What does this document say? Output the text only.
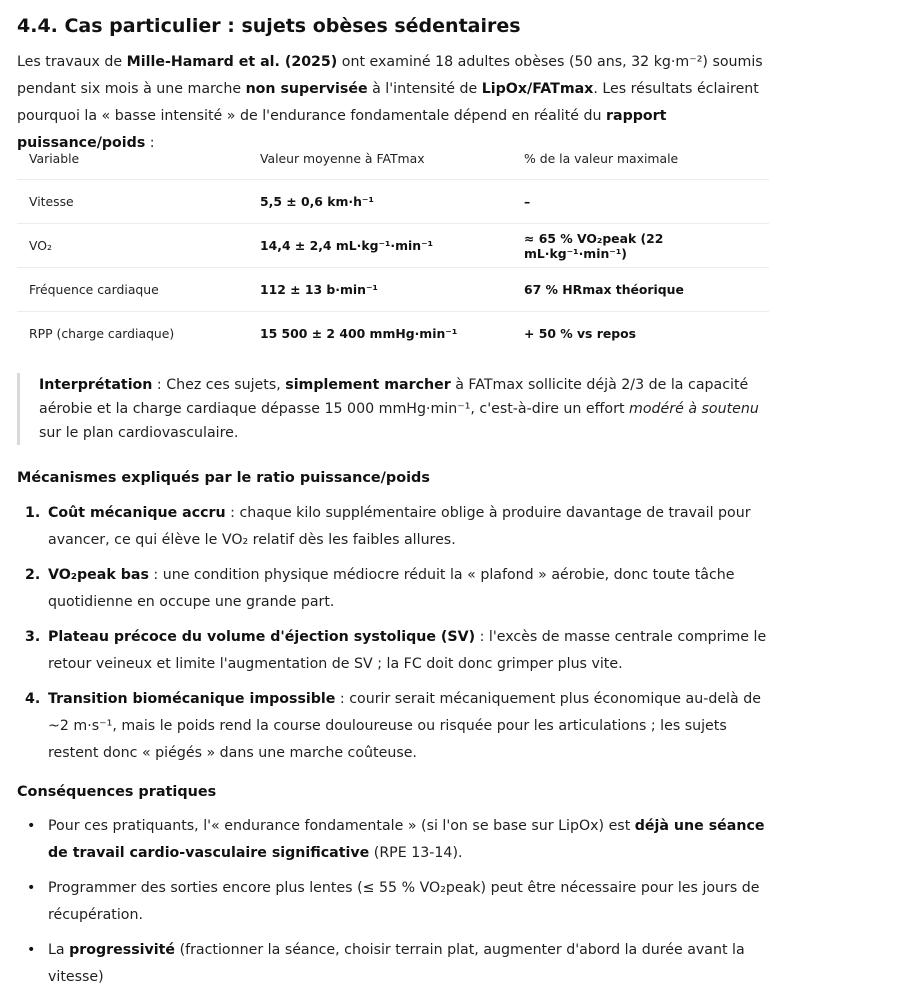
4.4. Cas particulier : sujets obèses sédentaires

Les travaux de Mille-Hamard et al. (2025) ont examiné 18 adultes obèses (50 ans, 32 kg·m⁻²) soumis pendant six mois à une marche non supervisée à l'intensité de LipOx/FATmax. Les résultats éclairent pourquoi la « basse intensité » de l'endurance fondamentale dépend en réalité du rapport puissance/poids :

Variable	Valeur moyenne à FATmax	% de la valeur maximale
Vitesse	5,5 ± 0,6 km·h⁻¹	–
VO₂	14,4 ± 2,4 mL·kg⁻¹·min⁻¹	≈ 65 % VO₂peak (22 mL·kg⁻¹·min⁻¹)
Fréquence cardiaque	112 ± 13 b·min⁻¹	67 % HRmax théorique
RPP (charge cardiaque)	15 500 ± 2 400 mmHg·min⁻¹	+ 50 % vs repos
Interprétation : Chez ces sujets, simplement marcher à FATmax sollicite déjà 2/3 de la capacité aérobie et la charge cardiaque dépasse 15 000 mmHg·min⁻¹, c'est-à-dire un effort modéré à soutenu sur le plan cardiovasculaire.
Mécanismes expliqués par le ratio puissance/poids
1. Coût mécanique accru : chaque kilo supplémentaire oblige à produire davantage de travail pour avancer, ce qui élève le VO₂ relatif dès les faibles allures.
2. VO₂peak bas : une condition physique médiocre réduit la « plafond » aérobie, donc toute tâche quotidienne en occupe une grande part.
3. Plateau précoce du volume d'éjection systolique (SV) : l'excès de masse centrale comprime le retour veineux et limite l'augmentation de SV ; la FC doit donc grimper plus vite.
4. Transition biomécanique impossible : courir serait mécaniquement plus économique au-delà de ~2 m·s⁻¹, mais le poids rend la course douloureuse ou risquée pour les articulations ; les sujets restent donc « piégés » dans une marche coûteuse.
Conséquences pratiques
• Pour ces pratiquants, l'« endurance fondamentale » (si l'on se base sur LipOx) est déjà une séance de travail cardio-vasculaire significative (RPE 13-14).
• Programmer des sorties encore plus lentes (≤ 55 % VO₂peak) peut être nécessaire pour les jours de récupération.
• La progressivité (fractionner la séance, choisir terrain plat, augmenter d'abord la durée avant la vitesse)
